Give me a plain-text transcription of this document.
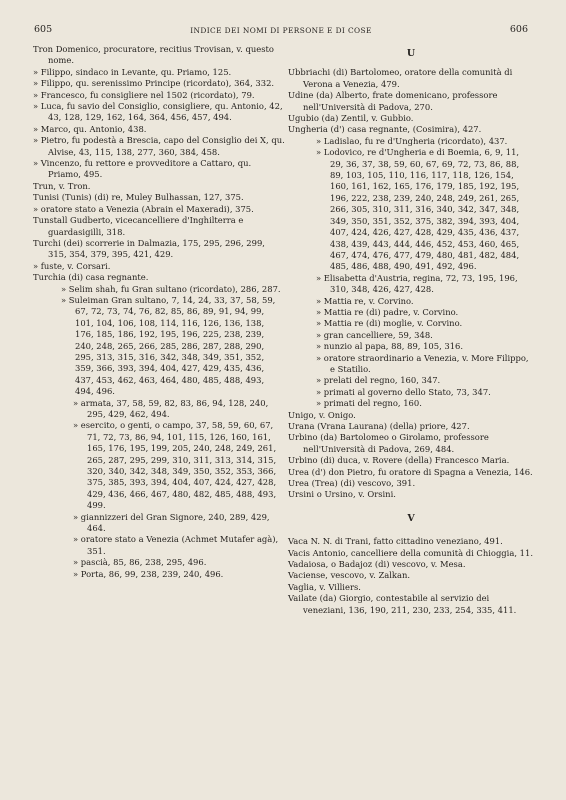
605	INDICE DEI NOMI DI PERSONE E DI COSE	606

Tron Domenico, procuratore, recitius Trovisan, v. questo nome.

» Filippo, sindaco in Levante, qu. Priamo, 125.

» Filippo, qu. serenissimo Principe (ricordato), 364, 332.

» Francesco, fu consigliere nel 1502 (ricordato), 79.

» Luca, fu savio del Consiglio, consigliere, qu. Antonio, 42, 43, 128, 129, 162, 164, 364, 456, 457, 494.

» Marco, qu. Antonio, 438.

» Pietro, fu podestà a Brescia, capo del Consiglio dei X, qu. Alvise, 43, 115, 138, 277, 360, 384, 458.

» Vincenzo, fu rettore e provveditore a Cattaro, qu. Priamo, 495.

Trun, v. Tron.

Tunisi (Tunis) (di) re, Muley Bulhassan, 127, 375.

» oratore stato a Venezia (Abrain el Maxeradi), 375.

Tunstall Gudberto, vicecancelliere d'Inghilterra e guardasigilli, 318.

Turchi (dei) scorrerie in Dalmazia, 175, 295, 296, 299, 315, 354, 379, 395, 421, 429.

» fuste, v. Corsari.

Turchia (di) casa regnante.

» Selim shah, fu Gran sultano (ricordato), 286, 287.

» Suleiman Gran sultano, 7, 14, 24, 33, 37, 58, 59, 67, 72, 73, 74, 76, 82, 85, 86, 89, 91, 94, 99, 101, 104, 106, 108, 114, 116, 126, 136, 138, 176, 185, 186, 192, 195, 196, 225, 238, 239, 240, 248, 265, 266, 285, 286, 287, 288, 290, 295, 313, 315, 316, 342, 348, 349, 351, 352, 359, 366, 393, 394, 404, 427, 429, 435, 436, 437, 453, 462, 463, 464, 480, 485, 488, 493, 494, 496.

» armata, 37, 58, 59, 82, 83, 86, 94, 128, 240, 295, 429, 462, 494.

» esercito, o genti, o campo, 37, 58, 59, 60, 67, 71, 72, 73, 86, 94, 101, 115, 126, 160, 161, 165, 176, 195, 199, 205, 240, 248, 249, 261, 265, 287, 295, 299, 310, 311, 313, 314, 315, 320, 340, 342, 348, 349, 350, 352, 353, 366, 375, 385, 393, 394, 404, 407, 424, 427, 428, 429, 436, 466, 467, 480, 482, 485, 488, 493, 499.

» giannizzeri del Gran Signore, 240, 289, 429, 464.

» oratore stato a Venezia (Achmet Mutafer agà), 351.

» pascià, 85, 86, 238, 295, 496.

» Porta, 86, 99, 238, 239, 240, 496.

U

Ubbriachi (di) Bartolomeo, oratore della comunità di Verona a Venezia, 479.

Udine (da) Alberto, frate domenicano, professore nell'Università di Padova, 270.

Ugubio (da) Zentil, v. Gubbio.

Ungheria (d') casa regnante, (Cosimira), 427.

» Ladislao, fu re d'Ungheria (ricordato), 437.

» Lodovico, re d'Ungheria e di Boemia, 6, 9, 11, 29, 36, 37, 38, 59, 60, 67, 69, 72, 73, 86, 88, 89, 103, 105, 110, 116, 117, 118, 126, 154, 160, 161, 162, 165, 176, 179, 185, 192, 195, 196, 222, 238, 239, 240, 248, 249, 261, 265, 266, 305, 310, 311, 316, 340, 342, 347, 348, 349, 350, 351, 352, 375, 382, 394, 393, 404, 407, 424, 426, 427, 428, 429, 435, 436, 437, 438, 439, 443, 444, 446, 452, 453, 460, 465, 467, 474, 476, 477, 479, 480, 481, 482, 484, 485, 486, 488, 490, 491, 492, 496.

» Elisabetta d'Austria, regina, 72, 73, 195, 196, 310, 348, 426, 427, 428.

» Mattia re, v. Corvino.

» Mattia re (di) padre, v. Corvino.

» Mattia re (di) moglie, v. Corvino.

» gran cancelliere, 59, 348.

» nunzio al papa, 88, 89, 105, 316.

» oratore straordinario a Venezia, v. More Filippo, e Statilio.

» prelati del regno, 160, 347.

» primati al governo dello Stato, 73, 347.

» primati del regno, 160.

Unigo, v. Onigo.

Urana (Vrana Laurana) (della) priore, 427.

Urbino (da) Bartolomeo o Girolamo, professore nell'Università di Padova, 269, 484.

Urbino (di) duca, v. Rovere (della) Francesco Maria.

Urea (d') don Pietro, fu oratore di Spagna a Venezia, 146.

Urea (Trea) (di) vescovo, 391.

Ursini o Ursino, v. Orsini.

V

Vaca N. N. di Trani, fatto cittadino veneziano, 491.

Vacis Antonio, cancelliere della comunità di Chioggia, 11.

Vadaiosa, o Badajoz (di) vescovo, v. Mesa.

Vaciense, vescovo, v. Zalkan.

Vaglia, v. Villiers.

Vailate (da) Giorgio, contestabile al servizio dei veneziani, 136, 190, 211, 230, 233, 254, 335, 411.
